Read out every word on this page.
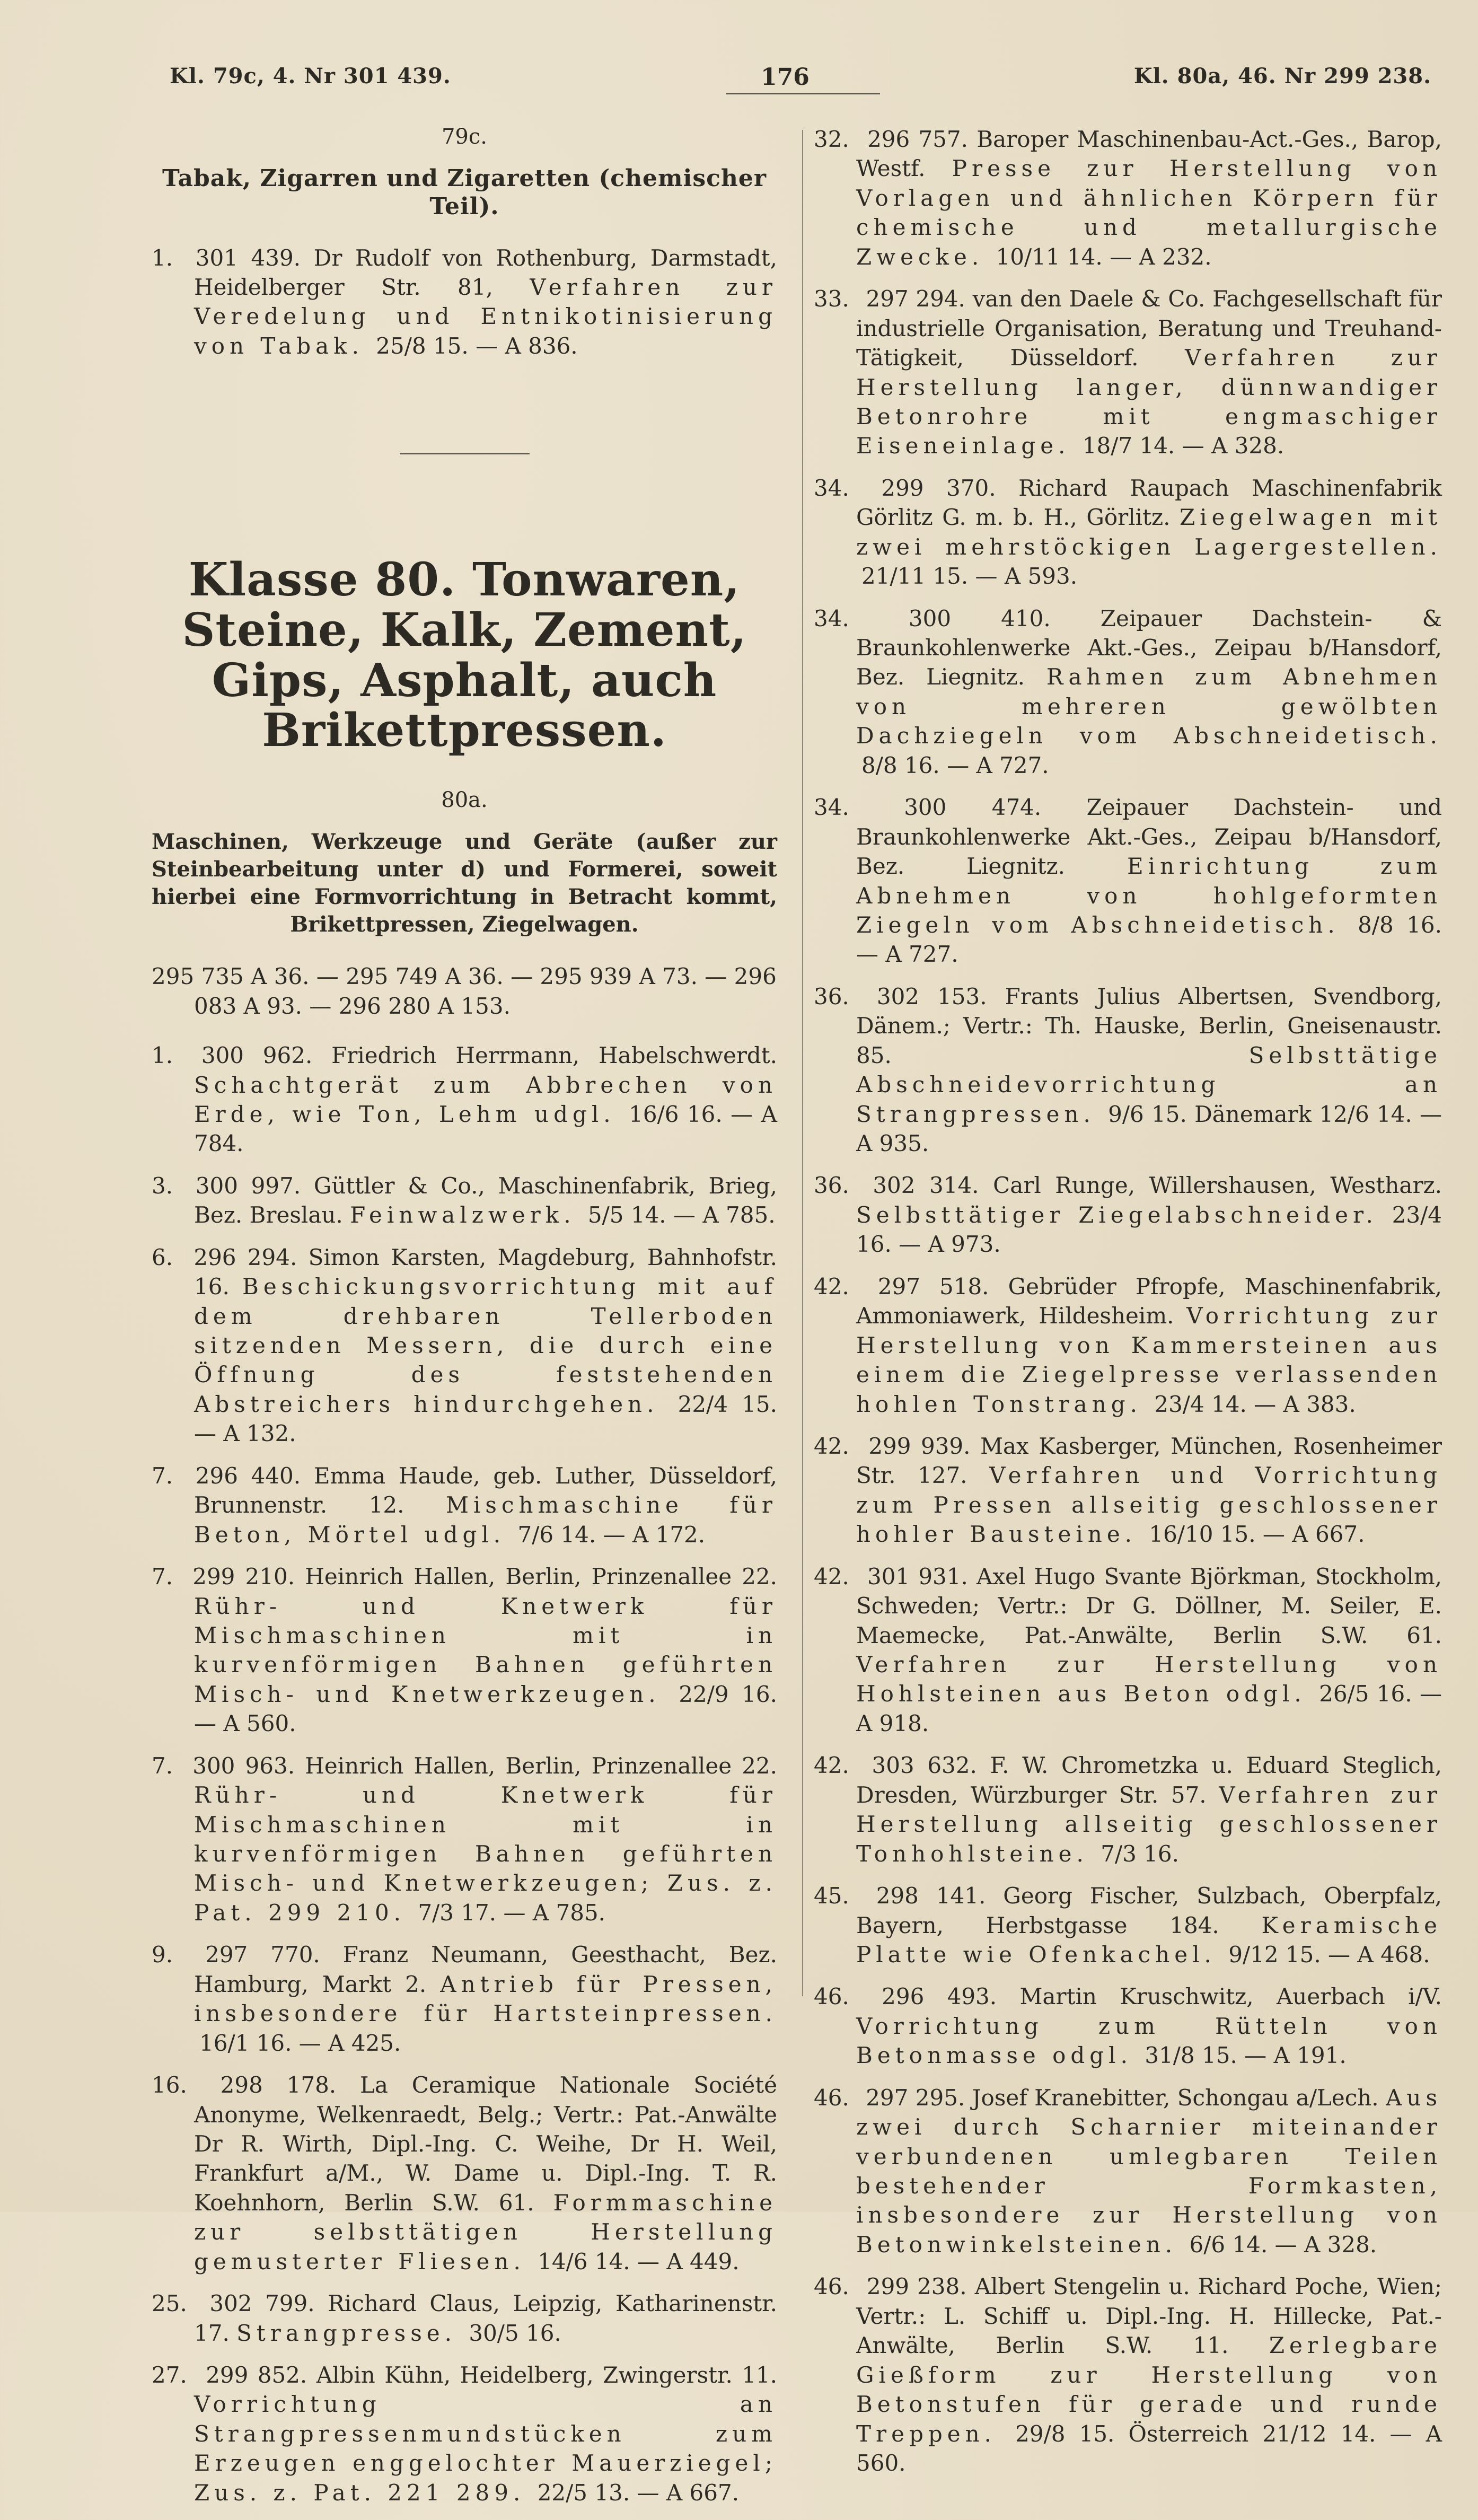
Kl. 79c, 4. Nr 301 439.	176	Kl. 80a, 46. Nr 299 238.
79c.
Tabak, Zigarren und Zigaretten (chemischer Teil).

1. 301 439. Dr Rudolf von Rothenburg, Darmstadt, Heidelberger Str. 81, Verfahren zur Veredelung und Entnikotinisierung von Tabak. 25/8 15. — A 836.

Klasse 80. Tonwaren, Steine, Kalk, Zement, Gips, Asphalt, auch Brikettpressen.
80a.
Maschinen, Werkzeuge und Geräte (außer zur Steinbearbeitung unter d) und Formerei, soweit hierbei eine Formvorrichtung in Betracht kommt, Brikettpressen, Ziegelwagen.
295 735 A 36. — 295 749 A 36. — 295 939 A 73. — 296 083 A 93. — 296 280 A 153.

1. 300 962. Friedrich Herrmann, Habelschwerdt. Schachtgerät zum Abbrechen von Erde, wie Ton, Lehm udgl. 16/6 16. — A 784.

3. 300 997. Güttler & Co., Maschinenfabrik, Brieg, Bez. Breslau. Feinwalzwerk. 5/5 14. — A 785.

6. 296 294. Simon Karsten, Magdeburg, Bahnhofstr. 16. Beschickungsvorrichtung mit auf dem drehbaren Tellerboden sitzenden Messern, die durch eine Öffnung des feststehenden Abstreichers hindurchgehen. 22/4 15. — A 132.

7. 296 440. Emma Haude, geb. Luther, Düsseldorf, Brunnenstr. 12. Mischmaschine für Beton, Mörtel udgl. 7/6 14. — A 172.

7. 299 210. Heinrich Hallen, Berlin, Prinzenallee 22. Rühr- und Knetwerk für Mischmaschinen mit in kurvenförmigen Bahnen geführten Misch- und Knetwerkzeugen. 22/9 16. — A 560.

7. 300 963. Heinrich Hallen, Berlin, Prinzenallee 22. Rühr- und Knetwerk für Mischmaschinen mit in kurvenförmigen Bahnen geführten Misch- und Knetwerkzeugen; Zus. z. Pat. 299 210. 7/3 17. — A 785.

9. 297 770. Franz Neumann, Geesthacht, Bez. Hamburg, Markt 2. Antrieb für Pressen, insbesondere für Hartsteinpressen. 16/1 16. — A 425.

16. 298 178. La Ceramique Nationale Société Anonyme, Welkenraedt, Belg.; Vertr.: Pat.-Anwälte Dr R. Wirth, Dipl.-Ing. C. Weihe, Dr H. Weil, Frankfurt a/M., W. Dame u. Dipl.-Ing. T. R. Koehnhorn, Berlin S.W. 61. Formmaschine zur selbsttätigen Herstellung gemusterter Fliesen. 14/6 14. — A 449.

25. 302 799. Richard Claus, Leipzig, Katharinenstr. 17. Strangpresse. 30/5 16.

27. 299 852. Albin Kühn, Heidelberg, Zwingerstr. 11. Vorrichtung an Strangpressenmundstücken zum Erzeugen enggelochter Mauerziegel; Zus. z. Pat. 221 289. 22/5 13. — A 667.

32. 296 757. Baroper Maschinenbau-Act.-Ges., Barop, Westf. Presse zur Herstellung von Vorlagen und ähnlichen Körpern für chemische und metallurgische Zwecke. 10/11 14. — A 232.

33. 297 294. van den Daele & Co. Fachgesellschaft für industrielle Organisation, Beratung und Treuhand-Tätigkeit, Düsseldorf. Verfahren zur Herstellung langer, dünnwandiger Betonrohre mit engmaschiger Eiseneinlage. 18/7 14. — A 328.

34. 299 370. Richard Raupach Maschinenfabrik Görlitz G. m. b. H., Görlitz. Ziegelwagen mit zwei mehrstöckigen Lagergestellen. 21/11 15. — A 593.

34.	300 410. Zeipauer Dachstein- & Braunkohlenwerke Akt.-Ges., Zeipau b/Hansdorf, Bez. Liegnitz. Rahmen zum Abnehmen von mehreren gewölbten Dachziegeln vom Abschneidetisch. 8/8 16. — A 727.

34. 300 474. Zeipauer Dachstein- und Braunkohlenwerke Akt.-Ges., Zeipau b/Hansdorf, Bez. Liegnitz.	Einrichtung zum Abnehmen von hohlgeformten Ziegeln vom Abschneidetisch. 8/8 16. — A 727.

36. 302 153. Frants Julius Albertsen, Svendborg, Dänem.; Vertr.: Th. Hauske, Berlin, Gneisenaustr. 85.	Selbsttätige Abschneidevorrichtung an Strangpressen. 9/6 15. Dänemark 12/6 14. — A 935.

36. 302 314. Carl Runge, Willershausen, Westharz. Selbsttätiger Ziegelabschneider. 23/4 16. — A 973.

42. 297 518. Gebrüder Pfropfe, Maschinenfabrik, Ammoniawerk, Hildesheim. Vorrichtung zur Herstellung von Kammersteinen aus einem die Ziegelpresse verlassenden hohlen Tonstrang. 23/4 14. — A 383.

42. 299 939. Max Kasberger, München, Rosenheimer Str. 127. Verfahren und Vorrichtung zum Pressen allseitig geschlossener hohler Bausteine. 16/10 15. — A 667.

42. 301 931. Axel Hugo Svante Björkman, Stockholm, Schweden; Vertr.: Dr G. Döllner, M. Seiler, E. Maemecke, Pat.-Anwälte, Berlin S.W. 61. Verfahren zur Herstellung von Hohlsteinen aus Beton odgl. 26/5 16. — A 918.

42. 303 632. F. W. Chrometzka u. Eduard Steglich, Dresden, Würzburger Str. 57. Verfahren zur Herstellung allseitig geschlossener Tonhohlsteine. 7/3 16.

45. 298 141. Georg Fischer, Sulzbach, Oberpfalz, Bayern, Herbstgasse 184. Keramische Platte wie Ofenkachel. 9/12 15. — A 468.

46. 296 493. Martin Kruschwitz, Auerbach i/V. Vorrichtung zum Rütteln von Betonmasse odgl. 31/8 15. — A 191.

46. 297 295. Josef Kranebitter, Schongau a/Lech. Aus zwei durch Scharnier miteinander verbundenen umlegbaren Teilen bestehender Formkasten, insbesondere zur Herstellung von Betonwinkelsteinen. 6/6 14. — A 328.

46. 299 238. Albert Stengelin u. Richard Poche, Wien; Vertr.: L. Schiff u. Dipl.-Ing. H. Hillecke, Pat.-Anwälte, Berlin S.W. 11. Zerlegbare Gießform zur Herstellung von Betonstufen für gerade und runde Treppen. 29/8 15. Österreich 21/12 14. — A 560.
